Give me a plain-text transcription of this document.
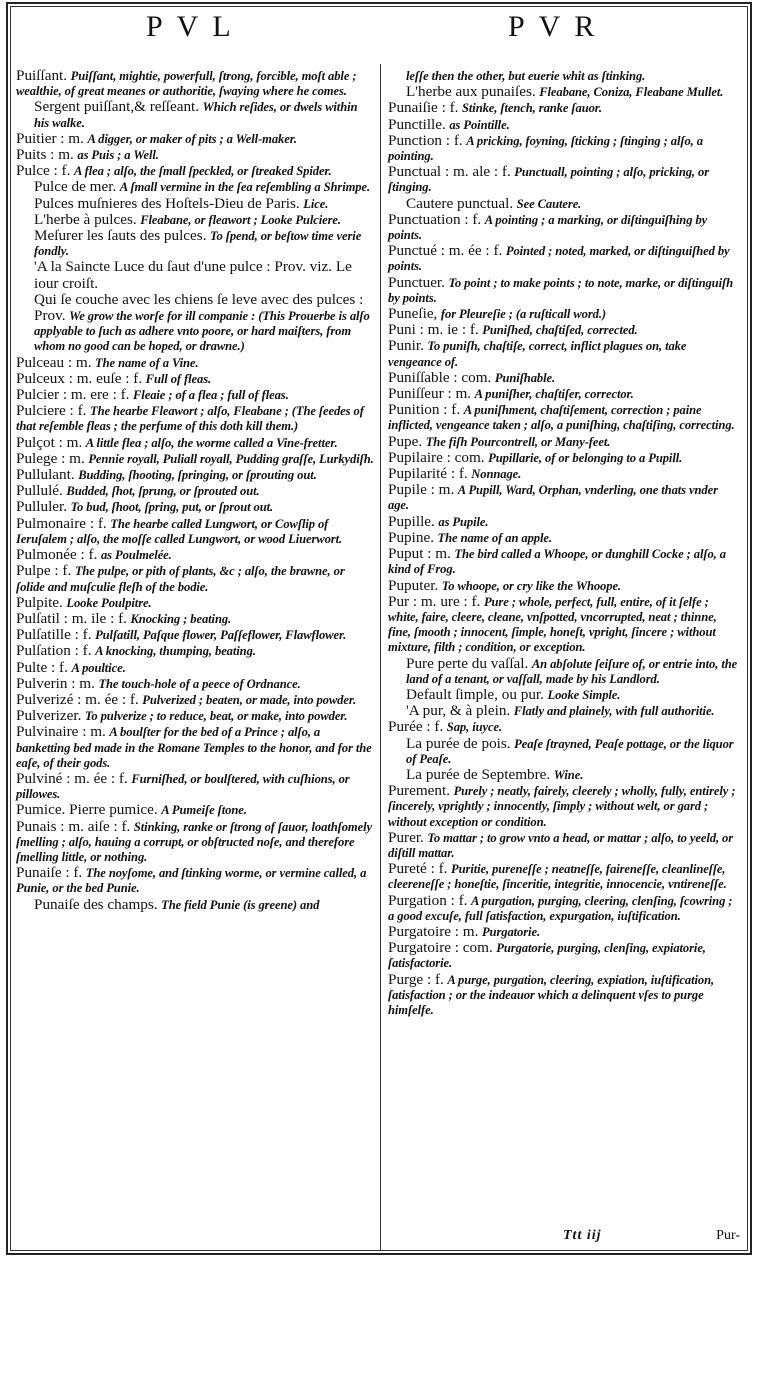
PVL	PVR

Puiſſant. Puiſſant, mightie, powerfull, ſtrong, forcible, moſt able ; wealthie, of great meanes or authoritie, ſwaying where he comes.

Sergent puiſſant,& reſſeant. Which reſides, or dwels within his walke.

Puitier : m. A digger, or maker of pits ; a Well-maker.

Puits : m. as Puis ; a Well.

Pulce : f. A flea ; alſo, the ſmall ſpeckled, or ſtreaked Spider.

Pulce de mer. A ſmall vermine in the ſea reſembling a Shrimpe.

Pulces muſnieres des Hoſtels-Dieu de Paris. Lice.

L'herbe à pulces. Fleabane, or fleawort ; Looke Pulciere.

Meſurer les ſauts des pulces. To ſpend, or beſtow time verie fondly.

'A la Saincte Luce du ſaut d'une pulce : Prov. viz. Le iour croiſt.

Qui ſe couche avec les chiens ſe leve avec des pulces : Prov. We grow the worſe for ill companie : (This Prouerbe is alſo applyable to ſuch as adhere vnto poore, or hard maiſters, from whom no good can be hoped, or drawne.)

Pulceau : m. The name of a Vine.

Pulceux : m. euſe : f. Full of fleas.

Pulcier : m. ere : f. Fleaie ; of a flea ; full of fleas.

Pulciere : f. The hearbe Fleawort ; alſo, Fleabane ; (The ſeedes of that reſemble fleas ; the perfume of this doth kill them.)

Pulçot : m. A little flea ; alſo, the worme called a Vine-fretter.

Pulege : m. Pennie royall, Puliall royall, Pudding graſſe, Lurkydiſh.

Pullulant. Budding, ſhooting, ſpringing, or ſprouting out.

Pullulé. Budded, ſhot, ſprung, or ſprouted out.

Pulluler. To bud, ſhoot, ſpring, put, or ſprout out.

Pulmonaire : f. The hearbe called Lungwort, or Cowſlip of Ieruſalem ; alſo, the moſſe called Lungwort, or wood Liuerwort.

Pulmonée : f. as Poulmelée.

Pulpe : f. The pulpe, or pith of plants, &c ; alſo, the brawne, or ſolide and muſculie fleſh of the bodie.

Pulpite. Looke Poulpitre.

Pulſatil : m. ile : f. Knocking ; beating.

Pulſatille : f. Pulſatill, Paſque flower, Paſſeflower, Flawflower.

Pulſation : f. A knocking, thumping, beating.

Pulte : f. A poultice.

Pulverin : m. The touch-hole of a peece of Ordnance.

Pulverizé : m. ée : f. Pulverized ; beaten, or made, into powder.

Pulverizer. To pulverize ; to reduce, beat, or make, into powder.

Pulvinaire : m. A boulſter for the bed of a Prince ; alſo, a banketting bed made in the Romane Temples to the honor, and for the eaſe, of their gods.

Pulviné : m. ée : f. Furniſhed, or boulſtered, with cuſhions, or pillowes.

Pumice. Pierre pumice. A Pumeiſe ſtone.

Punais : m. aiſe : f. Stinking, ranke or ſtrong of ſauor, loathſomely ſmelling ; alſo, hauing a corrupt, or obſtructed noſe, and therefore ſmelling little, or nothing.

Punaiſe : f. The noyſome, and ſtinking worme, or vermine called, a Punie, or the bed Punie.

Punaiſe des champs. The field Punie (is greene) and

leſſe then the other, but euerie whit as ſtinking.

L'herbe aux punaiſes. Fleabane, Coniza, Fleabane Mullet.

Punaiſie : f. Stinke, ſtench, ranke ſauor.

Punctille. as Pointille.

Punction : f. A pricking, foyning, ſticking ; ſtinging ; alſo, a pointing.

Punctual : m. ale : f. Punctuall, pointing ; alſo, pricking, or ſtinging.

Cautere punctual. See Cautere.

Punctuation : f. A pointing ; a marking, or diſtinguiſhing by points.

Punctué : m. ée : f. Pointed ; noted, marked, or diſtinguiſhed by points.

Punctuer. To point ; to make points ; to note, marke, or diſtinguiſh by points.

Puneſie, for Pleureſie ; (a ruſticall word.)

Puni : m. ie : f. Puniſhed, chaſtiſed, corrected.

Punir. To puniſh, chaſtiſe, correct, inflict plagues on, take vengeance of.

Puniſſable : com. Puniſhable.

Puniſſeur : m. A puniſher, chaſtiſer, corrector.

Punition : f. A puniſhment, chaſtiſement, correction ; paine inflicted, vengeance taken ; alſo, a puniſhing, chaſtiſing, correcting.

Pupe. The fiſh Pourcontrell, or Many-feet.

Pupilaire : com. Pupillarie, of or belonging to a Pupill.

Pupilarité : f. Nonnage.

Pupile : m. A Pupill, Ward, Orphan, vnderling, one thats vnder age.

Pupille. as Pupile.

Pupine. The name of an apple.

Puput : m. The bird called a Whoope, or dunghill Cocke ; alſo, a kind of Frog.

Puputer. To whoope, or cry like the Whoope.

Pur : m. ure : f. Pure ; whole, perfect, full, entire, of it ſelfe ; white, faire, cleere, cleane, vnſpotted, vncorrupted, neat ; thinne, fine, ſmooth ; innocent, ſimple, honeſt, vpright, ſincere ; without mixture, filth ; condition, or exception.

Pure perte du vaſſal. An abſolute ſeiſure of, or entrie into, the land of a tenant, or vaſſall, made by his Landlord.

Default ſimple, ou pur. Looke Simple.

'A pur, & à plein. Flatly and plainely, with full authoritie.

Purée : f. Sap, iuyce.

La purée de pois. Peaſe ſtrayned, Peaſe pottage, or the liquor of Peaſe.

La purée de Septembre. Wine.

Purement. Purely ; neatly, fairely, cleerely ; wholly, fully, entirely ; ſincerely, vprightly ; innocently, ſimply ; without welt, or gard ; without exception or condition.

Purer. To mattar ; to grow vnto a head, or mattar ; alſo, to yeeld, or diſtill mattar.

Pureté : f. Puritie, pureneſſe ; neatneſſe, faireneſſe, cleanlineſſe, cleereneſſe ; honeſtie, ſinceritie, integritie, innocencie, vntireneſſe.

Purgation : f. A purgation, purging, cleering, clenſing, ſcowring ; a good excuſe, full ſatisfaction, expurgation, iuſtification.

Purgatoire : m. Purgatorie.

Purgatoire : com. Purgatorie, purging, clenſing, expiatorie, ſatisfactorie.

Purge : f. A purge, purgation, cleering, expiation, iuſtification, ſatisfaction ; or the indeauor which a delinquent vſes to purge himſelfe.

Ttt iij	Pur-
